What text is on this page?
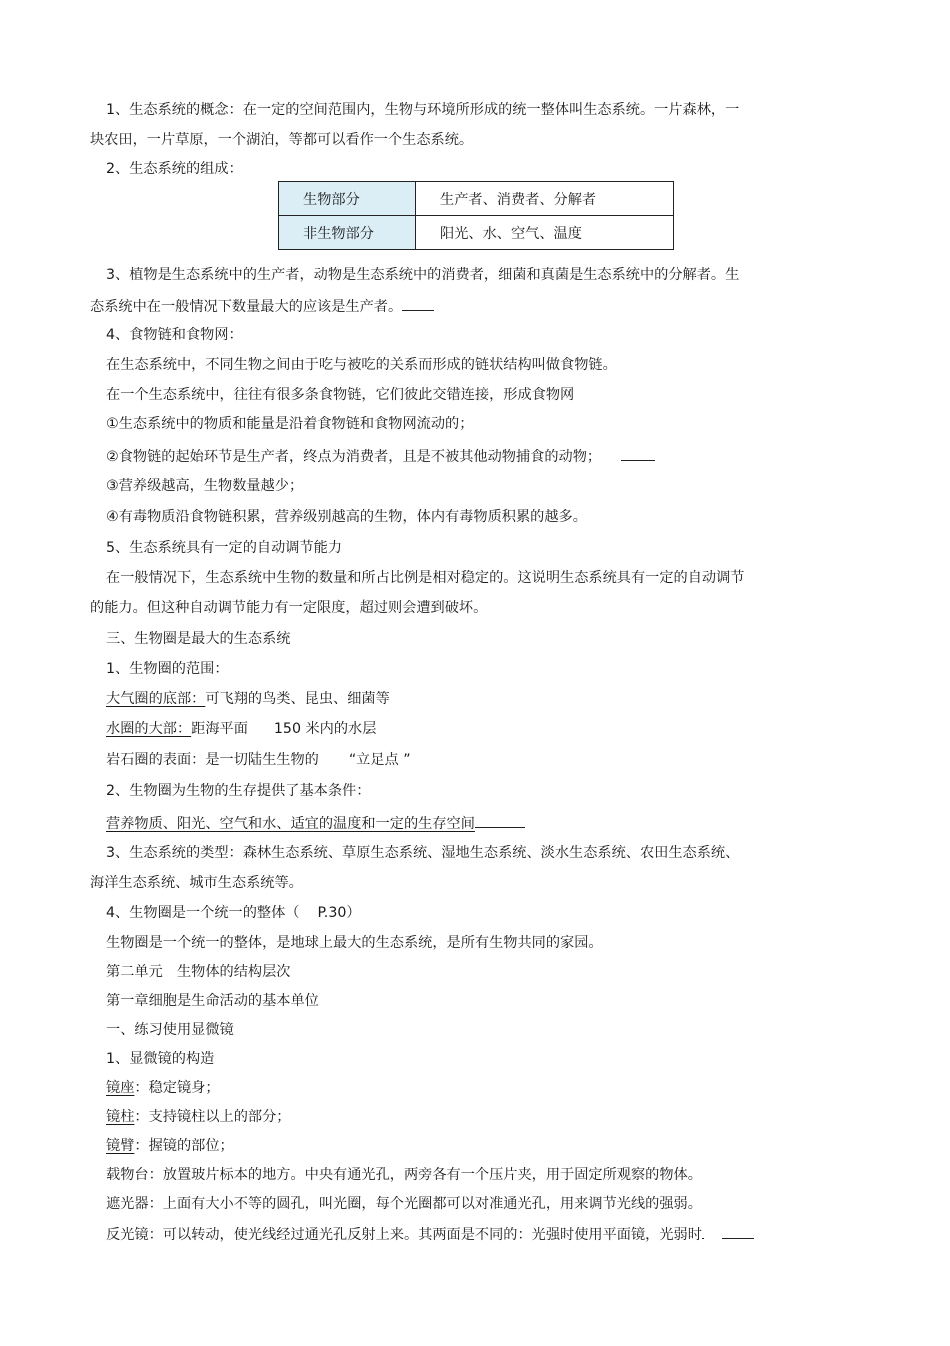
1、生态系统的概念：在一定的空间范围内，生物与环境所形成的统一整体叫生态系统。一片森林，一
块农田，一片草原，一个湖泊，等都可以看作一个生态系统。
2、生态系统的组成：
生物部分	生产者、消费者、分解者
非生物部分	阳光、水、空气、温度
3、植物是生态系统中的生产者，动物是生态系统中的消费者，细菌和真菌是生态系统中的分解者。生
态系统中在一般情况下数量最大的应该是生产者。
4、食物链和食物网：
在生态系统中，不同生物之间由于吃与被吃的关系而形成的链状结构叫做食物链。
在一个生态系统中，往往有很多条食物链，它们彼此交错连接，形成食物网
①生态系统中的物质和能量是沿着食物链和食物网流动的；
②食物链的起始环节是生产者，终点为消费者，且是不被其他动物捕食的动物；
③营养级越高，生物数量越少；
④有毒物质沿食物链积累，营养级别越高的生物，体内有毒物质积累的越多。
5、生态系统具有一定的自动调节能力
在一般情况下，生态系统中生物的数量和所占比例是相对稳定的。这说明生态系统具有一定的自动调节
的能力。但这种自动调节能力有一定限度，超过则会遭到破坏。
三、生物圈是最大的生态系统
1、生物圈的范围：
大气圈的底部：可飞翔的鸟类、昆虫、细菌等
水圈的大部：距海平面 150 米内的水层
岩石圈的表面：是一切陆生生物的 “立足点 ”
2、生物圈为生物的生存提供了基本条件：
营养物质、阳光、空气和水、适宜的温度和一定的生存空间
3、生态系统的类型：森林生态系统、草原生态系统、湿地生态系统、淡水生态系统、农田生态系统、
海洋生态系统、城市生态系统等。
4、生物圈是一个统一的整体（ P.30）
生物圈是一个统一的整体，是地球上最大的生态系统，是所有生物共同的家园。
第二单元　生物体的结构层次
第一章细胞是生命活动的基本单位
一、练习使用显微镜
1、显微镜的构造
镜座：稳定镜身；
镜柱：支持镜柱以上的部分；
镜臂：握镜的部位；
载物台：放置玻片标本的地方。中央有通光孔，两旁各有一个压片夹，用于固定所观察的物体。
遮光器：上面有大小不等的圆孔，叫光圈，每个光圈都可以对准通光孔，用来调节光线的强弱。
反光镜：可以转动，使光线经过通光孔反射上来。其两面是不同的：光强时使用平面镜，光弱时
